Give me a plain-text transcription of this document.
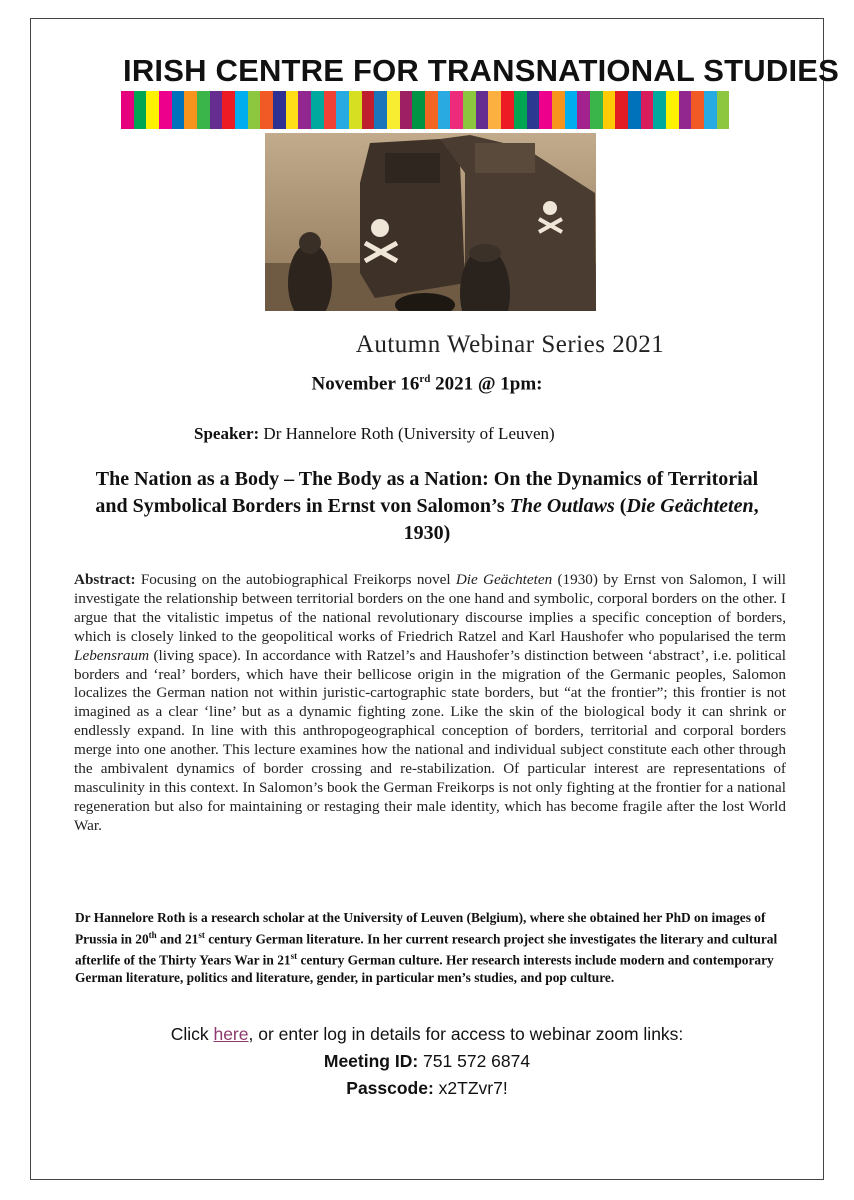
IRISH CENTRE FOR TRANSNATIONAL STUDIES
Autumn Webinar Series 2021
November 16rd 2021 @ 1pm:
Speaker: Dr Hannelore Roth (University of Leuven)
The Nation as a Body – The Body as a Nation: On the Dynamics of Territorial and Symbolical Borders in Ernst von Salomon’s The Outlaws (Die Geächteten, 1930)
Abstract: Focusing on the autobiographical Freikorps novel Die Geächteten (1930) by Ernst von Salomon, I will investigate the relationship between territorial borders on the one hand and symbolic, corporal borders on the other. I argue that the vitalistic impetus of the national revolutionary discourse implies a specific conception of borders, which is closely linked to the geopolitical works of Friedrich Ratzel and Karl Haushofer who popularised the term Lebensraum (living space). In accordance with Ratzel’s and Haushofer’s distinction between ‘abstract’, i.e. political borders and ‘real’ borders, which have their bellicose origin in the migration of the Germanic peoples, Salomon localizes the German nation not within juristic-cartographic state borders, but “at the frontier”; this frontier is not imagined as a clear ‘line’ but as a dynamic fighting zone. Like the skin of the biological body it can shrink or endlessly expand. In line with this anthropogeographical conception of borders, territorial and corporal borders merge into one another. This lecture examines how the national and individual subject constitute each other through the ambivalent dynamics of border crossing and re-stabilization. Of particular interest are representations of masculinity in this context. In Salomon’s book the German Freikorps is not only fighting at the frontier for a national regeneration but also for maintaining or restaging their male identity, which has become fragile after the lost World War.
Dr Hannelore Roth is a research scholar at the University of Leuven (Belgium), where she obtained her PhD on images of Prussia in 20th and 21st century German literature. In her current research project she investigates the literary and cultural afterlife of the Thirty Years War in 21st century German culture. Her research interests include modern and contemporary German literature, politics and literature, gender, in particular men’s studies, and pop culture.
Click here, or enter log in details for access to webinar zoom links:
Meeting ID: 751 572 6874
Passcode: x2TZvr7!
